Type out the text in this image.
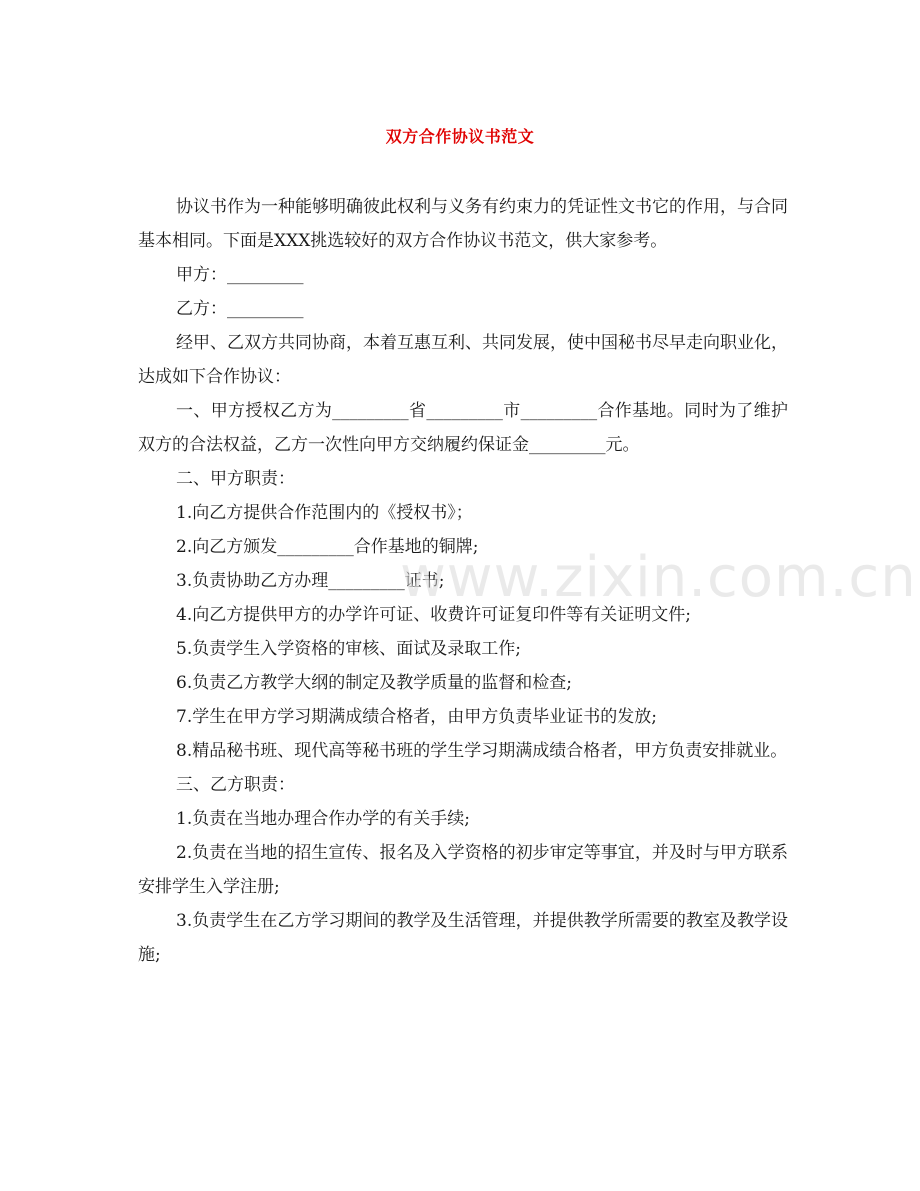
双方合作协议书范文

协议书作为一种能够明确彼此权利与义务有约束力的凭证性文书它的作用，与合同基本相同。下面是XXX挑选较好的双方合作协议书范文，供大家参考。

甲方：_________

乙方：_________

经甲、乙双方共同协商，本着互惠互利、共同发展，使中国秘书尽早走向职业化，达成如下合作协议：

一、甲方授权乙方为_________省_________市_________合作基地。同时为了维护双方的合法权益，乙方一次性向甲方交纳履约保证金_________元。

二、甲方职责：

1.向乙方提供合作范围内的《授权书》；

2.向乙方颁发_________合作基地的铜牌;

3.负责协助乙方办理_________证书;

4.向乙方提供甲方的办学许可证、收费许可证复印件等有关证明文件;

5.负责学生入学资格的审核、面试及录取工作;

6.负责乙方教学大纲的制定及教学质量的监督和检查;

7.学生在甲方学习期满成绩合格者，由甲方负责毕业证书的发放;

8.精品秘书班、现代高等秘书班的学生学习期满成绩合格者，甲方负责安排就业。

三、乙方职责：

1.负责在当地办理合作办学的有关手续;

2.负责在当地的招生宣传、报名及入学资格的初步审定等事宜，并及时与甲方联系安排学生入学注册;

3.负责学生在乙方学习期间的教学及生活管理，并提供教学所需要的教室及教学设施;

www.zixin.com.cn
